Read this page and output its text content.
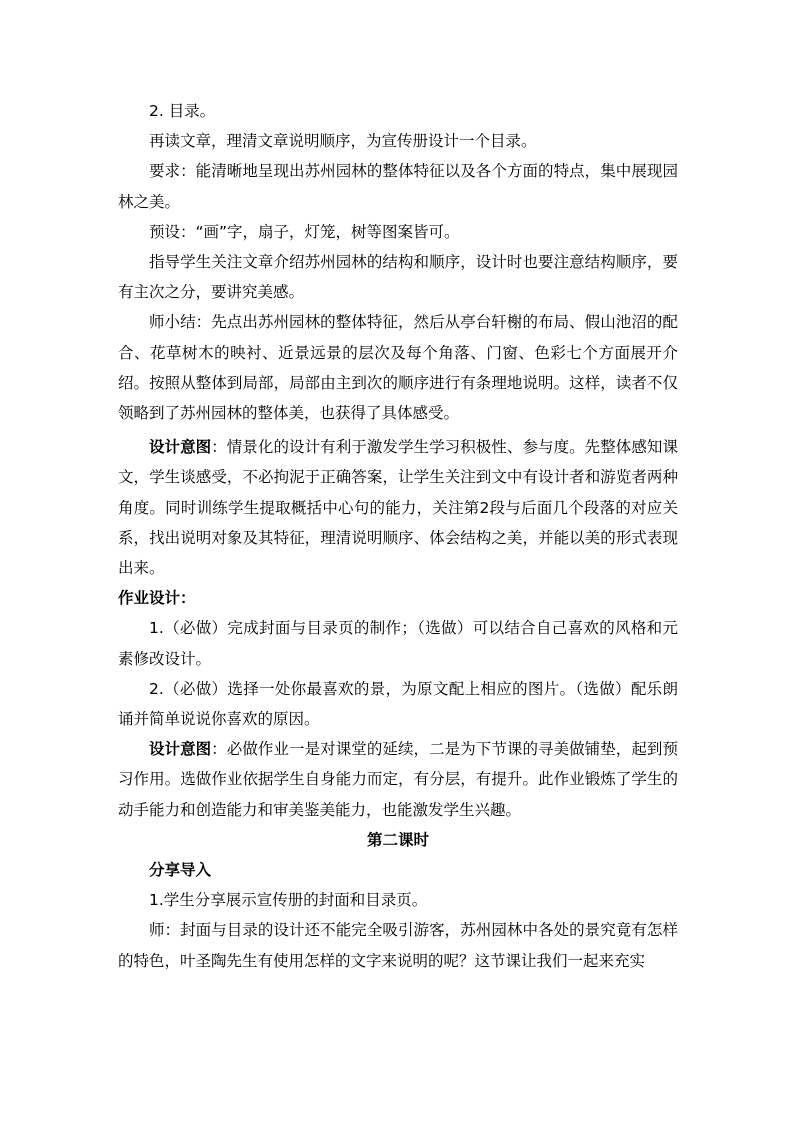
2. 目录。

再读文章，理清文章说明顺序，为宣传册设计一个目录。

要求：能清晰地呈现出苏州园林的整体特征以及各个方面的特点，集中展现园林之美。

预设：“画”字，扇子，灯笼，树等图案皆可。

指导学生关注文章介绍苏州园林的结构和顺序，设计时也要注意结构顺序，要有主次之分，要讲究美感。

师小结：先点出苏州园林的整体特征，然后从亭台轩榭的布局、假山池沼的配合、花草树木的映衬、近景远景的层次及每个角落、门窗、色彩七个方面展开介绍。按照从整体到局部，局部由主到次的顺序进行有条理地说明。这样，读者不仅领略到了苏州园林的整体美，也获得了具体感受。

设计意图：情景化的设计有利于激发学生学习积极性、参与度。先整体感知课文，学生谈感受，不必拘泥于正确答案，让学生关注到文中有设计者和游览者两种角度。同时训练学生提取概括中心句的能力，关注第2段与后面几个段落的对应关系，找出说明对象及其特征，理清说明顺序、体会结构之美，并能以美的形式表现出来。

作业设计：

1.（必做）完成封面与目录页的制作；（选做）可以结合自己喜欢的风格和元素修改设计。

2.（必做）选择一处你最喜欢的景，为原文配上相应的图片。（选做）配乐朗诵并简单说说你喜欢的原因。

设计意图：必做作业一是对课堂的延续，二是为下节课的寻美做铺垫，起到预习作用。选做作业依据学生自身能力而定，有分层，有提升。此作业锻炼了学生的动手能力和创造能力和审美鉴美能力，也能激发学生兴趣。

第二课时

分享导入

1.学生分享展示宣传册的封面和目录页。

师：封面与目录的设计还不能完全吸引游客，苏州园林中各处的景究竟有怎样的特色，叶圣陶先生有使用怎样的文字来说明的呢？这节课让我们一起来充实
